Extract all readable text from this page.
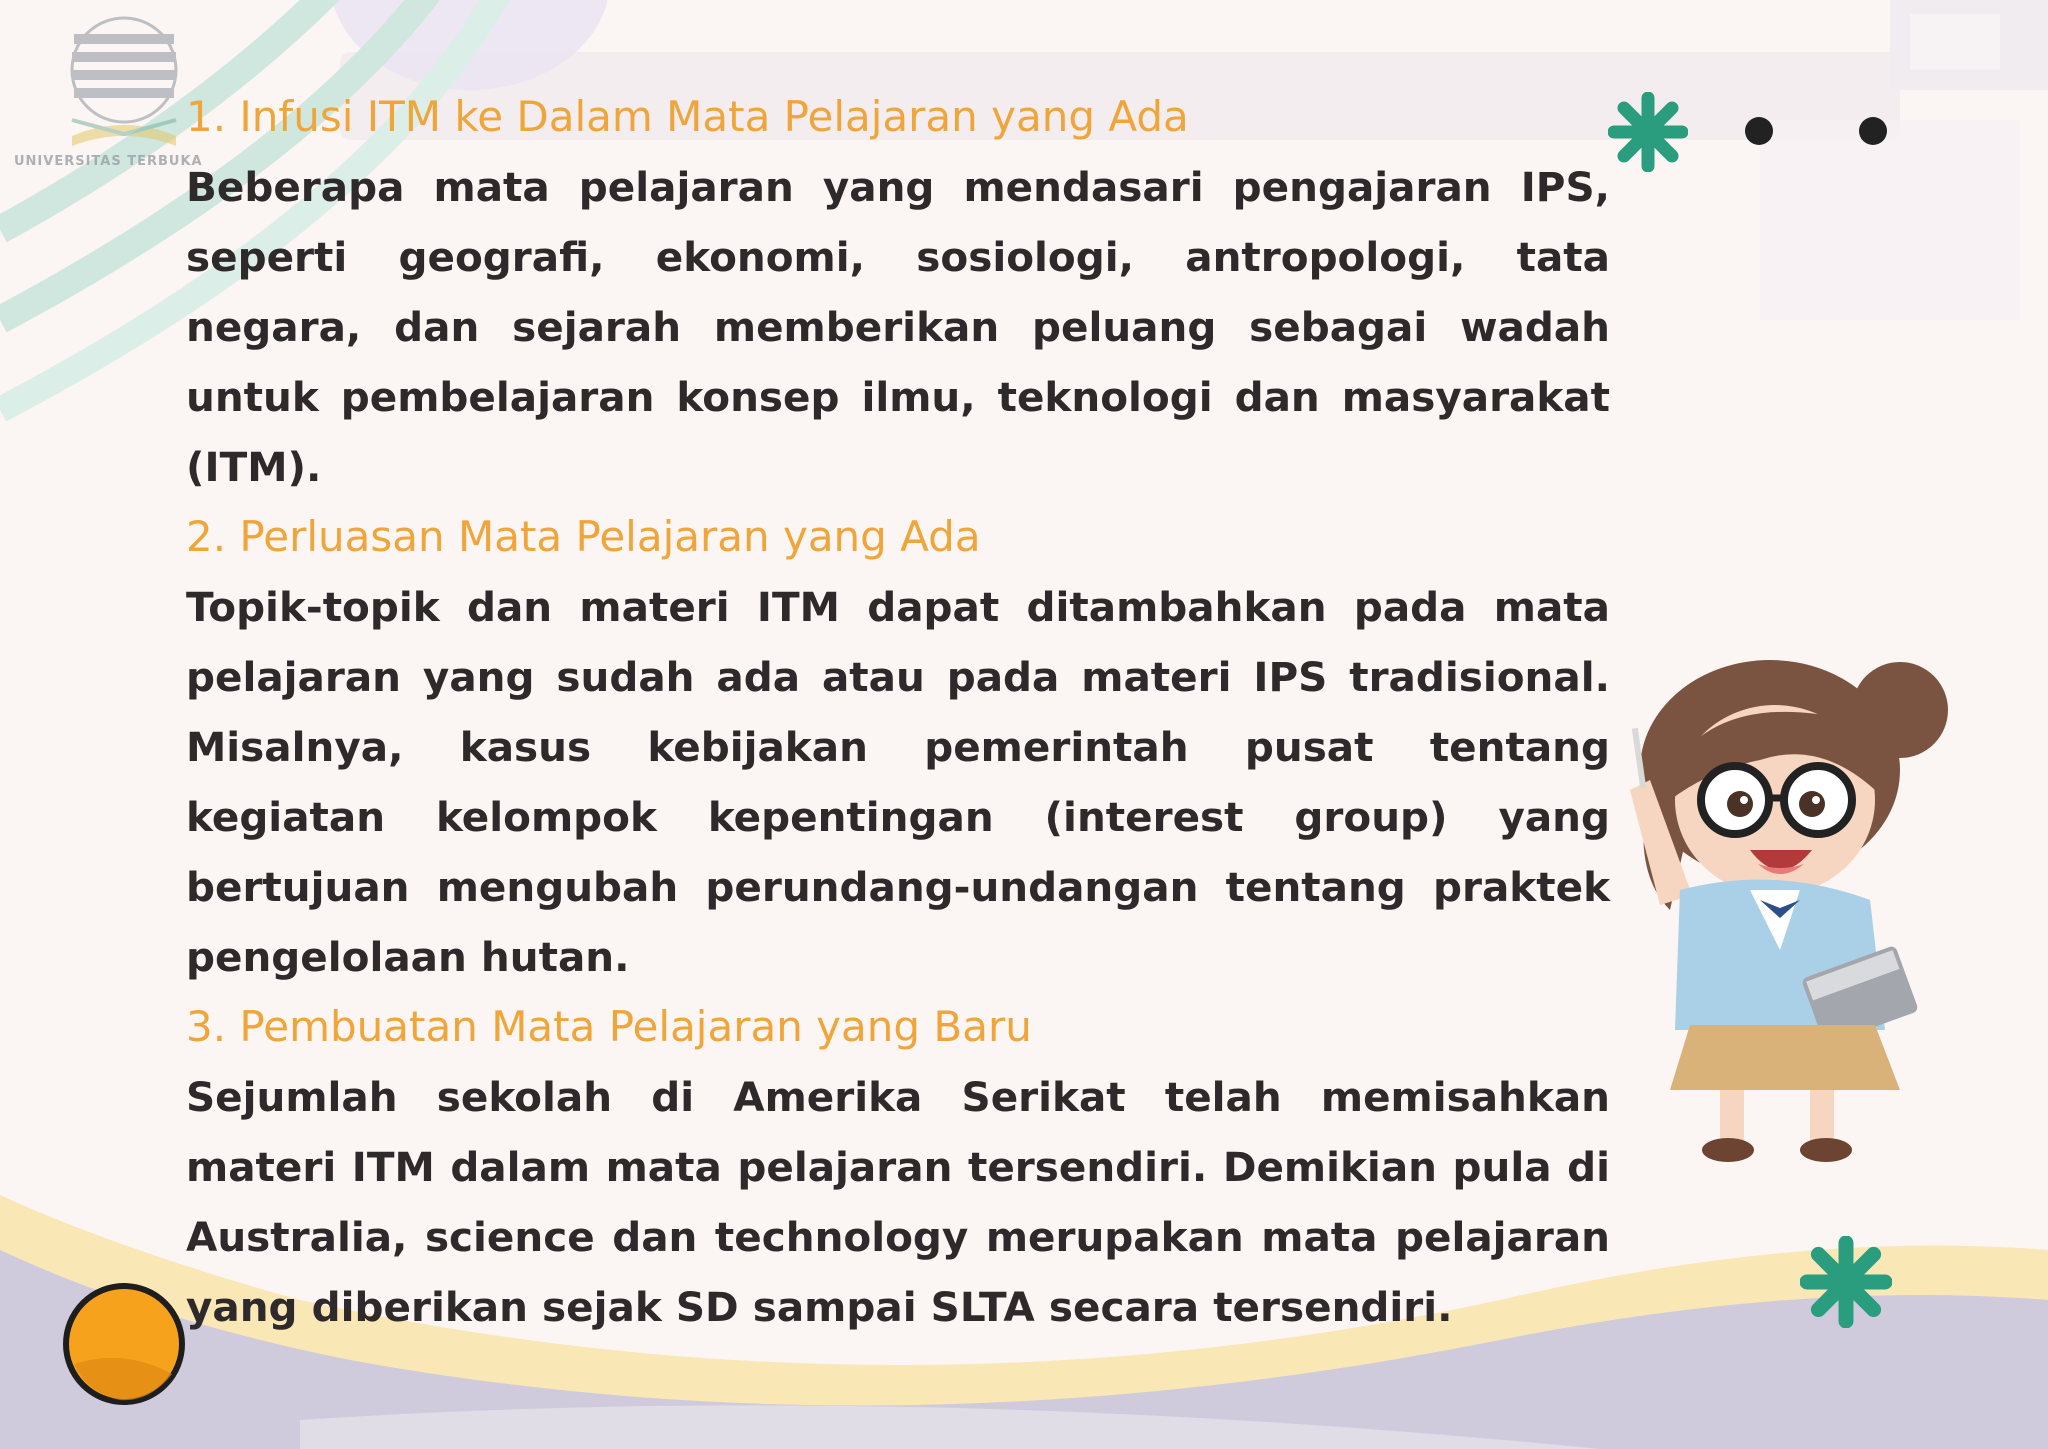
UNIVERSITAS TERBUKA
1. Infusi ITM ke Dalam Mata Pelajaran yang Ada

Beberapa mata pelajaran yang mendasari pengajaran IPS, seperti geografi, ekonomi, sosiologi, antropologi, tata negara, dan sejarah memberikan peluang sebagai wadah untuk pembelajaran konsep ilmu, teknologi dan masyarakat (ITM).

2. Perluasan Mata Pelajaran yang Ada

Topik-topik dan materi ITM dapat ditambahkan pada mata pelajaran yang sudah ada atau pada materi IPS tradisional. Misalnya, kasus kebijakan pemerintah pusat tentang kegiatan kelompok kepentingan (interest group) yang bertujuan mengubah perundang-undangan tentang praktek pengelolaan hutan.

3. Pembuatan Mata Pelajaran yang Baru

Sejumlah sekolah di Amerika Serikat telah memisahkan materi ITM dalam mata pelajaran tersendiri. Demikian pula di Australia, science dan technology merupakan mata pelajaran yang diberikan sejak SD sampai SLTA secara tersendiri.
